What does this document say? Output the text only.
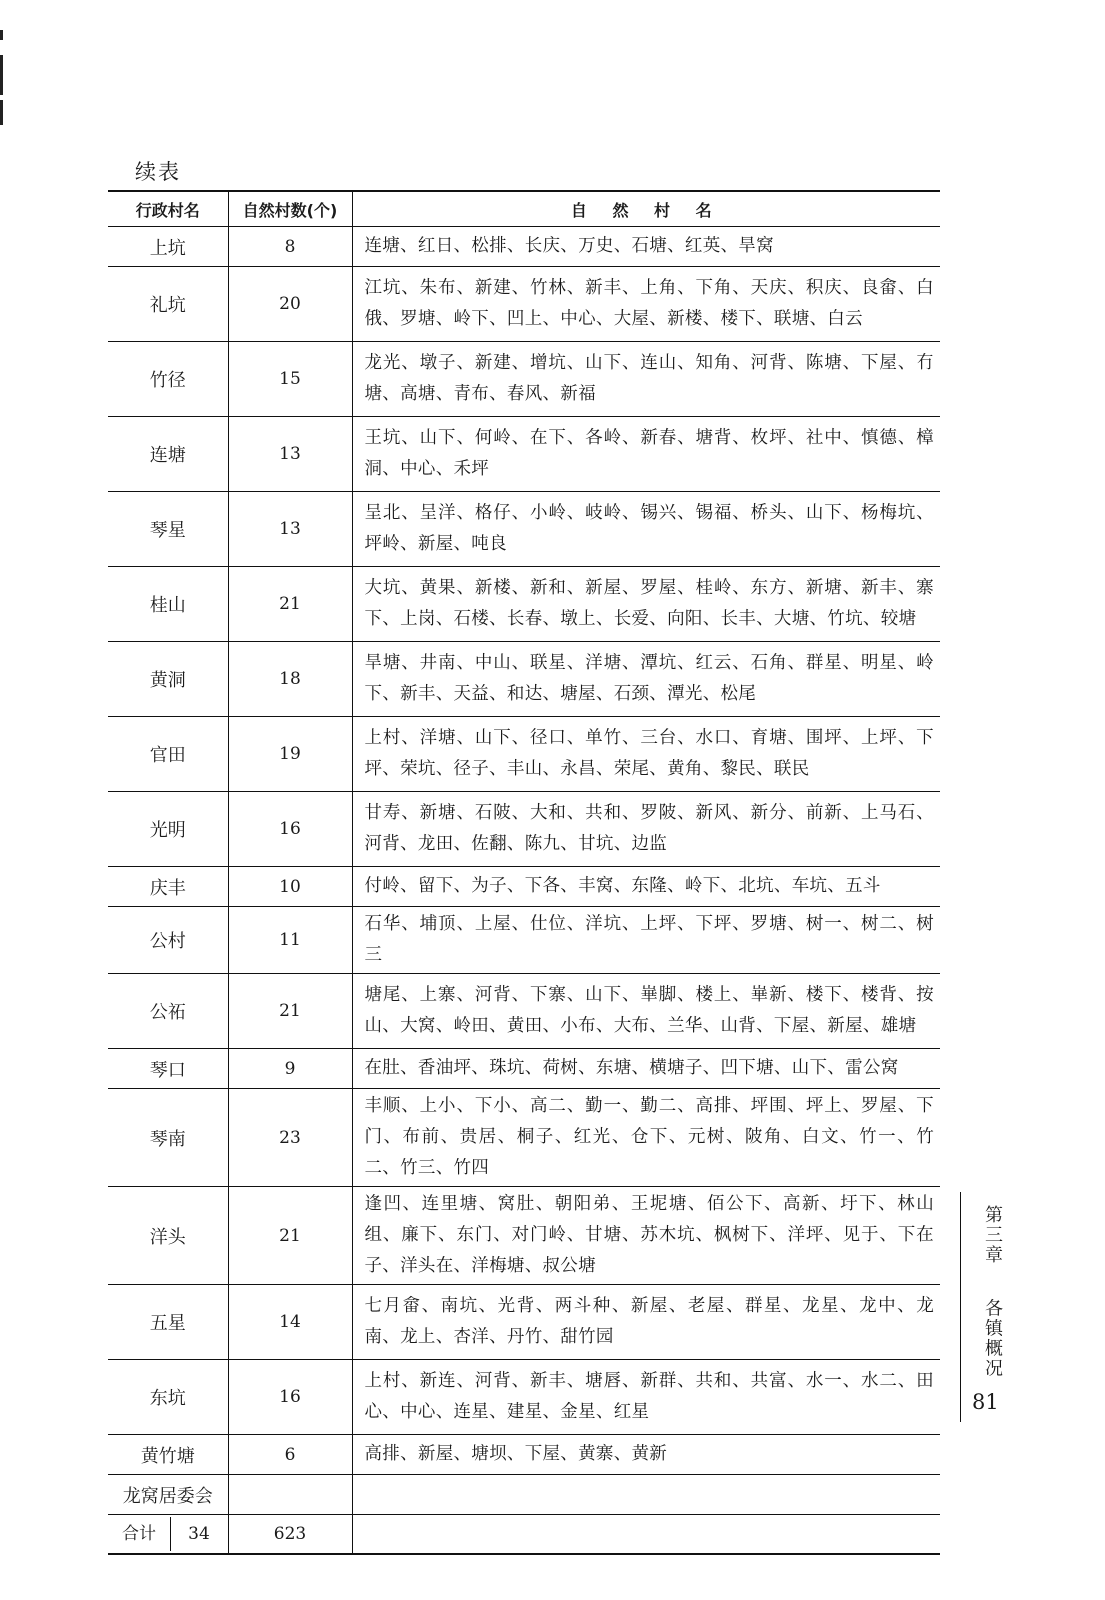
续表
行政村名	自然村数(个)	自 然 村 名
上坑	8	连塘、红日、松排、长庆、万史、石塘、红英、旱窝
礼坑	20	江坑、朱布、新建、竹林、新丰、上角、下角、天庆、积庆、良畲、白俄、罗塘、岭下、凹上、中心、大屋、新楼、楼下、联塘、白云
竹径	15	龙光、墩子、新建、增坑、山下、连山、知角、河背、陈塘、下屋、冇塘、高塘、青布、春风、新福
连塘	13	王坑、山下、何岭、在下、各岭、新春、塘背、枚坪、社中、慎德、樟洞、中心、禾坪
琴星	13	呈北、呈洋、格仔、小岭、岐岭、锡兴、锡福、桥头、山下、杨梅坑、坪岭、新屋、吨良
桂山	21	大坑、黄果、新楼、新和、新屋、罗屋、桂岭、东方、新塘、新丰、寨下、上岗、石楼、长春、墩上、长爱、向阳、长丰、大塘、竹坑、较塘
黄洞	18	旱塘、井南、中山、联星、洋塘、潭坑、红云、石角、群星、明星、岭下、新丰、天益、和达、塘屋、石颈、潭光、松尾
官田	19	上村、洋塘、山下、径口、单竹、三台、水口、育塘、围坪、上坪、下坪、荣坑、径子、丰山、永昌、荣尾、黄角、黎民、联民
光明	16	甘寿、新塘、石陂、大和、共和、罗陂、新风、新分、前新、上马石、河背、龙田、佐翻、陈九、甘坑、边监
庆丰	10	付岭、留下、为子、下各、丰窝、东隆、岭下、北坑、车坑、五斗
公村	11	石华、埔顶、上屋、仕位、洋坑、上坪、下坪、罗塘、树一、树二、树三
公祏	21	塘尾、上寨、河背、下寨、山下、崋脚、楼上、崋新、楼下、楼背、按山、大窝、岭田、黄田、小布、大布、兰华、山背、下屋、新屋、雄塘
琴口	9	在肚、香油坪、珠坑、荷树、东塘、横塘子、凹下塘、山下、雷公窝
琴南	23	丰顺、上小、下小、高二、勤一、勤二、高排、坪围、坪上、罗屋、下门、布前、贵居、桐子、红光、仓下、元树、陂角、白文、竹一、竹二、竹三、竹四
洋头	21	逢凹、连里塘、窝肚、朝阳弟、王坭塘、佰公下、高新、圩下、林山组、廉下、东门、对门岭、甘塘、苏木坑、枫树下、洋坪、见于、下在子、洋头在、洋梅塘、叔公塘
五星	14	七月畲、南坑、光背、两斗种、新屋、老屋、群星、龙星、龙中、龙南、龙上、杏洋、丹竹、甜竹园
东坑	16	上村、新连、河背、新丰、塘唇、新群、共和、共富、水一、水二、田心、中心、连星、建星、金星、红星
黄竹塘	6	高排、新屋、塘坝、下屋、黄寨、黄新
龙窝居委会		

合计 34	623	
第三章  各镇概况
81
